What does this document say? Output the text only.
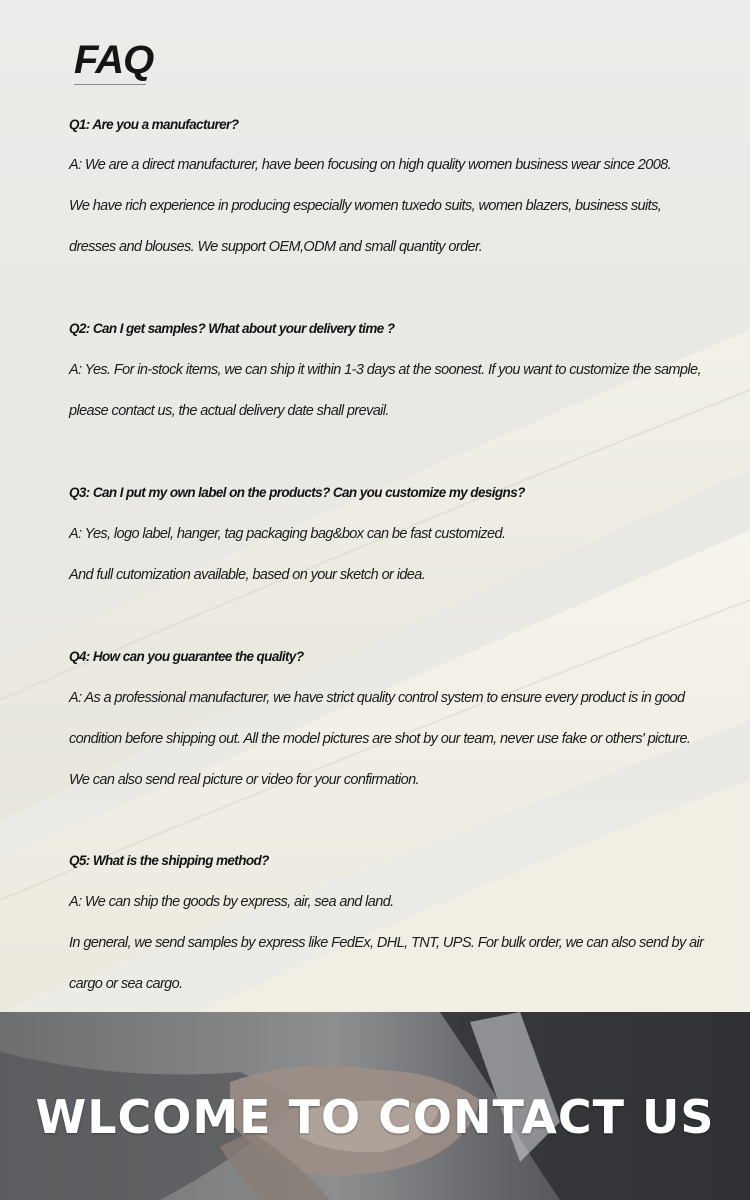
FAQ

Q1: Are you a manufacturer?

A: We are a direct manufacturer, have been focusing on high quality women business wear since 2008.

We have rich experience in producing especially women tuxedo suits, women blazers, business suits,

dresses and blouses. We support OEM,ODM and small quantity order.

Q2: Can I get samples? What about your delivery time ?

A: Yes. For in-stock items, we can ship it within 1-3 days at the soonest. If you want to customize the sample,

please contact us, the actual delivery date shall prevail.

Q3: Can I put my own label on the products? Can you customize my designs?

A: Yes, logo label, hanger, tag packaging bag&box can be fast customized.

And full cutomization available, based on your sketch or idea.

Q4: How can you guarantee the quality?

A: As a professional manufacturer, we have strict quality control system to ensure every product is in good

condition before shipping out. All the model pictures are shot by our team, never use fake or others' picture.

We can also send real picture or video for your confirmation.

Q5: What is the shipping method?

A: We can ship the goods by express, air, sea and land.

In general, we send samples by express like FedEx, DHL, TNT, UPS. For bulk order, we can also send by air

cargo or sea cargo.

WLCOME TO CONTACT US
